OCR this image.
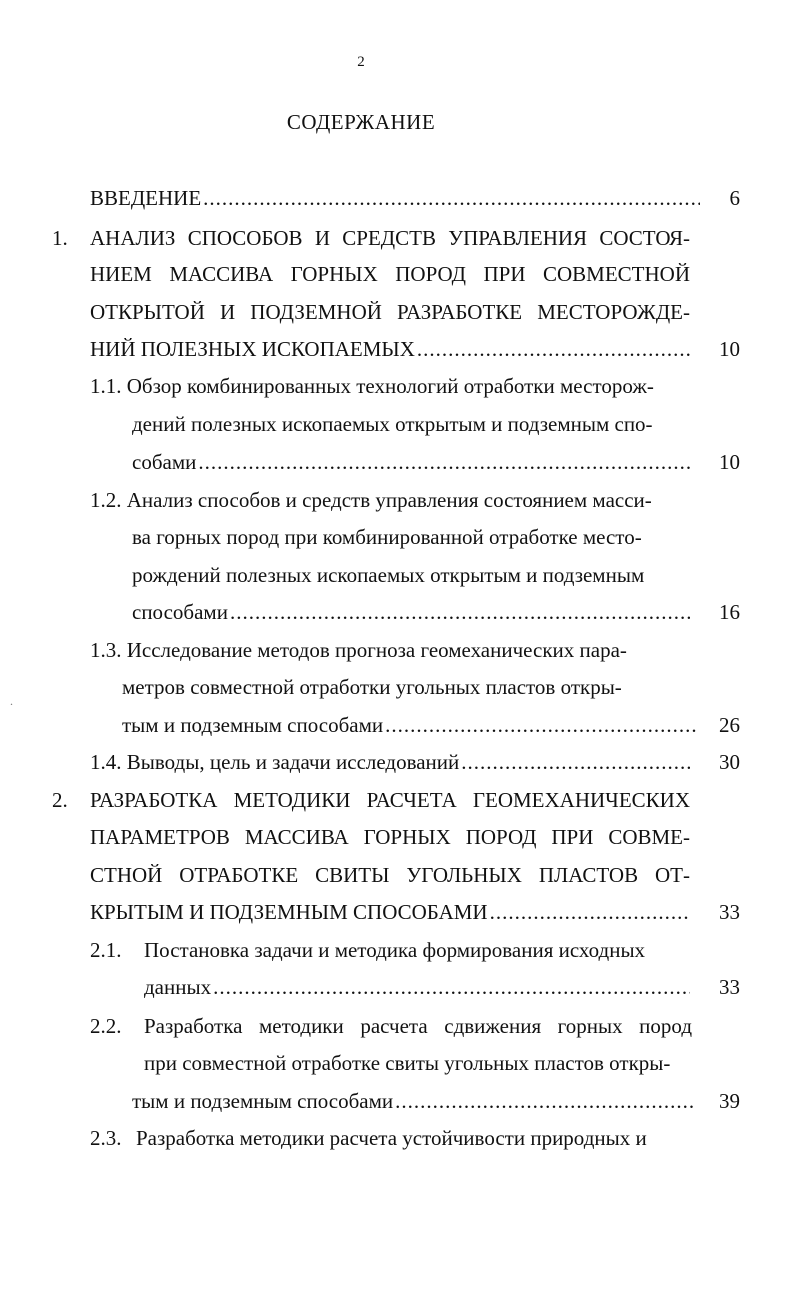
2
СОДЕРЖАНИЕ
ВВЕДЕНИЕ .....	6
1. АНАЛИЗ СПОСОБОВ И СРЕДСТВ УПРАВЛЕНИЯ СОСТОЯ-
НИЕМ МАССИВА ГОРНЫХ ПОРОД ПРИ СОВМЕСТНОЙ
ОТКРЫТОЙ И ПОДЗЕМНОЙ РАЗРАБОТКЕ МЕСТОРОЖДЕ-
НИЙ ПОЛЕЗНЫХ ИСКОПАЕМЫХ .....	10
1.1. Обзор комбинированных технологий отработки месторож-
дений полезных ископаемых открытым и подземным спо-
собами .....	10
1.2. Анализ способов и средств управления состоянием масси-
ва горных пород при комбинированной отработке место-
рождений полезных ископаемых открытым и подземным
способами .....	16
1.3. Исследование методов прогноза геомеханических пара-
метров совместной отработки угольных пластов откры-
тым и подземным способами .....	26
1.4. Выводы, цель и задачи исследований .....	30
.
2. РАЗРАБОТКА МЕТОДИКИ РАСЧЕТА ГЕОМЕХАНИЧЕСКИХ
ПАРАМЕТРОВ МАССИВА ГОРНЫХ ПОРОД ПРИ СОВМЕ-
СТНОЙ ОТРАБОТКЕ СВИТЫ УГОЛЬНЫХ ПЛАСТОВ ОТ-
КРЫТЫМ И ПОДЗЕМНЫМ СПОСОБАМИ .....	33
2.1. Постановка задачи и методика формирования исходных
данных .....	33
2.2. Разработка методики расчета сдвижения горных пород
при совместной отработке свиты угольных пластов откры-
тым и подземным способами .....	39
2.3. Разработка методики расчета устойчивости природных и
